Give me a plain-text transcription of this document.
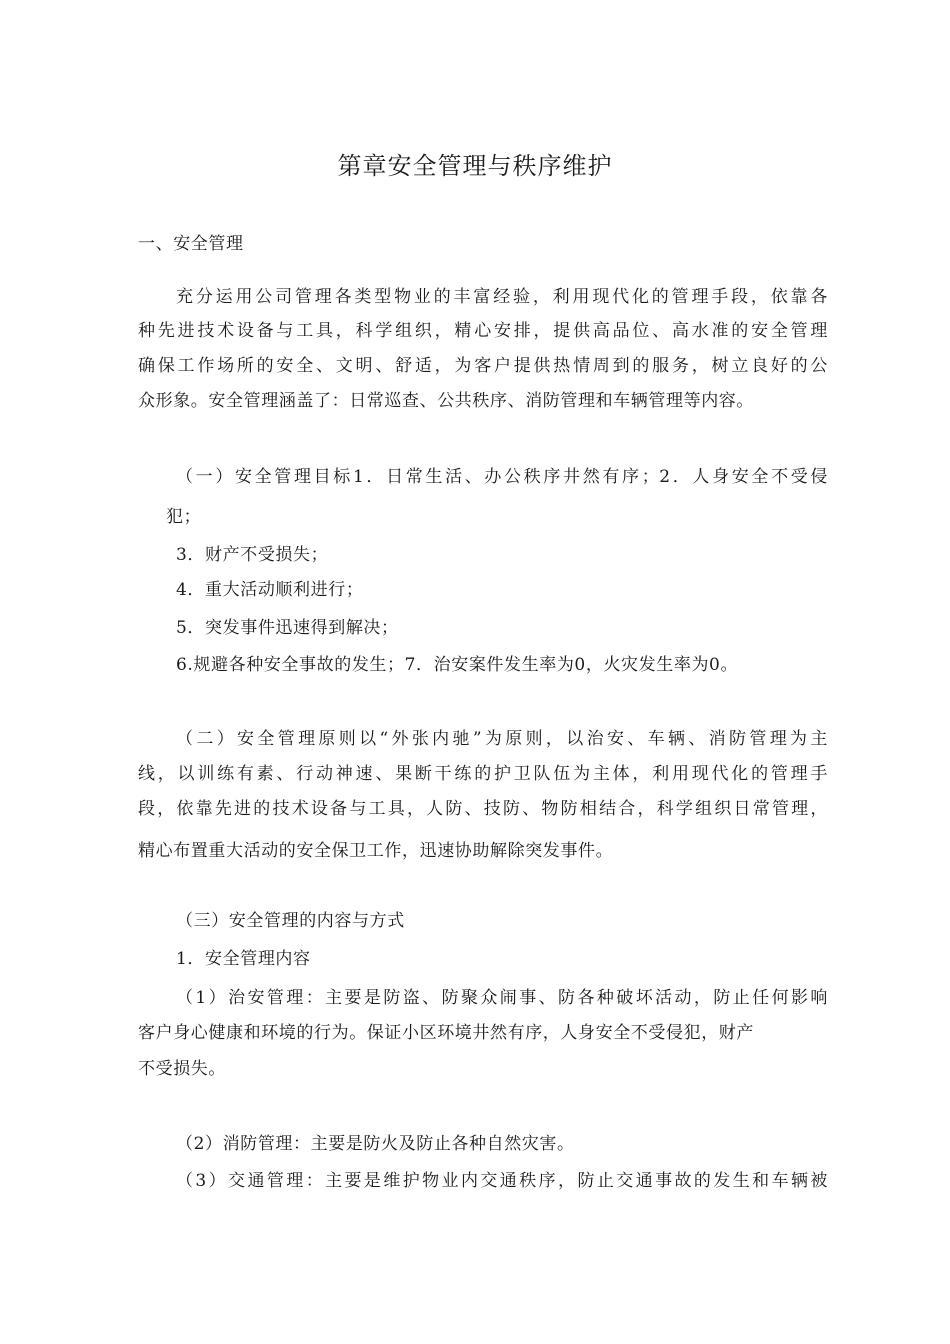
第章安全管理与秩序维护
一、安全管理
充分运用公司管理各类型物业的丰富经验，利用现代化的管理手段，依靠各
种先进技术设备与工具，科学组织，精心安排，提供高品位、高水准的安全管理
确保工作场所的安全、文明、舒适，为客户提供热情周到的服务，树立良好的公
众形象。安全管理涵盖了：日常巡查、公共秩序、消防管理和车辆管理等内容。
（一）安全管理目标1．日常生活、办公秩序井然有序；2．人身安全不受侵
犯；
3．财产不受损失；
4．重大活动顺利进行；
5．突发事件迅速得到解决；
6.规避各种安全事故的发生；7．治安案件发生率为0，火灾发生率为0。
（二）安全管理原则以“外张内驰”为原则，以治安、车辆、消防管理为主
线，以训练有素、行动神速、果断干练的护卫队伍为主体，利用现代化的管理手
段，依靠先进的技术设备与工具，人防、技防、物防相结合，科学组织日常管理，
精心布置重大活动的安全保卫工作，迅速协助解除突发事件。
（三）安全管理的内容与方式
1．安全管理内容
（1）治安管理：主要是防盗、防聚众闹事、防各种破坏活动，防止任何影响
客户身心健康和环境的行为。保证小区环境井然有序，人身安全不受侵犯，财产
不受损失。
（2）消防管理：主要是防火及防止各种自然灾害。
（3）交通管理：主要是维护物业内交通秩序，防止交通事故的发生和车辆被
